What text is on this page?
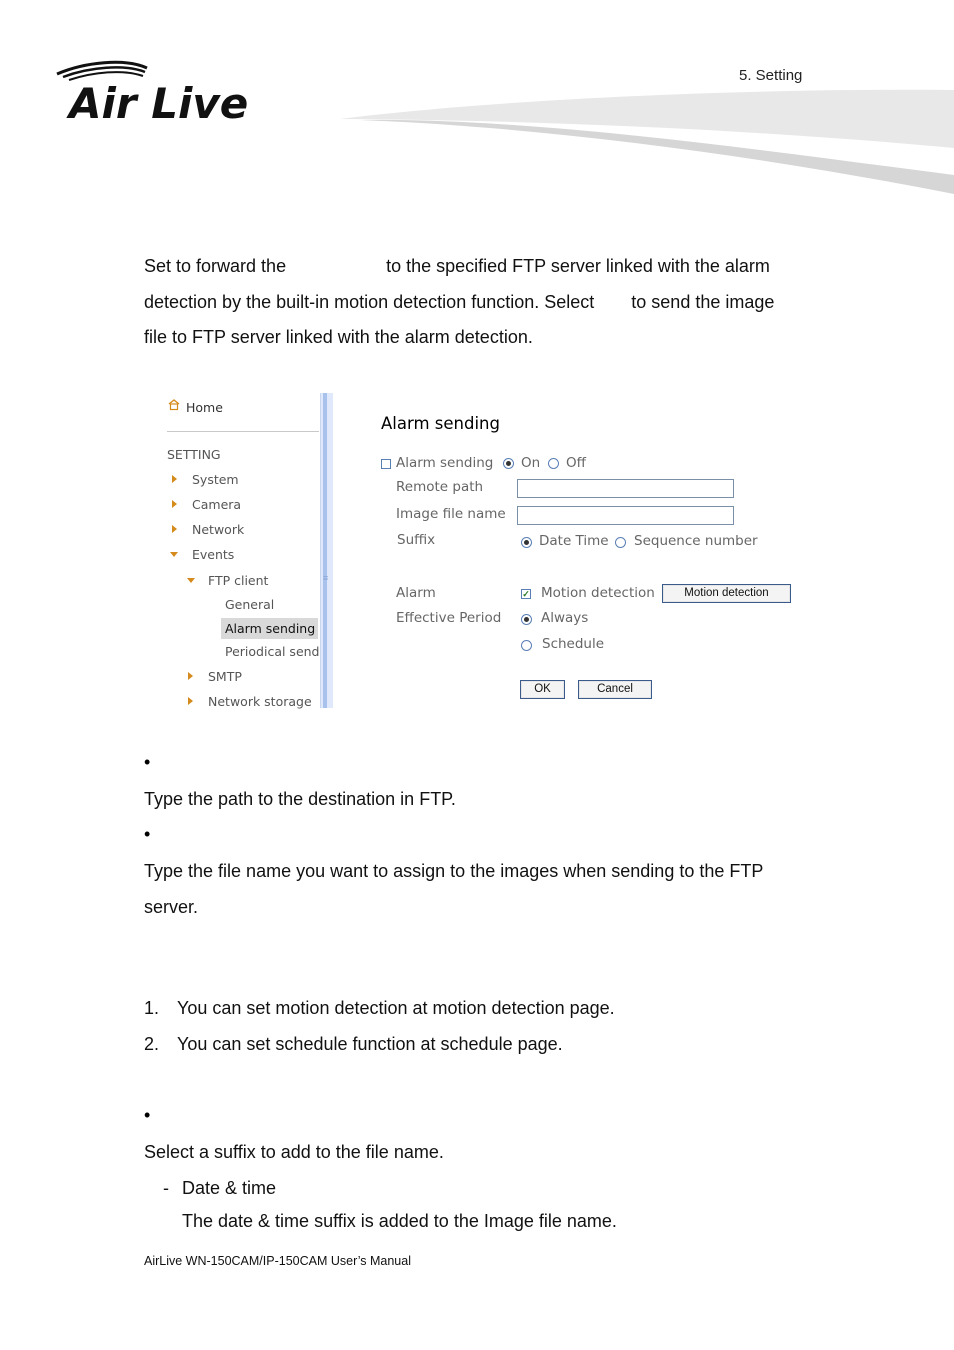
Air Live
5. Setting
Set to forward the	to the specified FTP server linked with the alarm
detection by the built-in motion detection function. Select to send the image
file to FTP server linked with the alarm detection.
Home
SETTING
System
Camera
Network
Events
FTP client
General
Alarm sending
Periodical send
SMTP
Network storage
≡
Alarm sending
Alarm sending On Off
Remote path
Image file name
Suffix	Date Time Sequence number
Alarm	✓ Motion detection	Motion detection
Effective Period	Always
Schedule
OK	Cancel
•
Type the path to the destination in FTP.
•
Type the file name you want to assign to the images when sending to the FTP
server.
1. You can set motion detection at motion detection page.
2. You can set schedule function at schedule page.
•
Select a suffix to add to the file name.
- Date & time
The date & time suffix is added to the Image file name.
AirLive WN-150CAM/IP-150CAM User’s Manual
